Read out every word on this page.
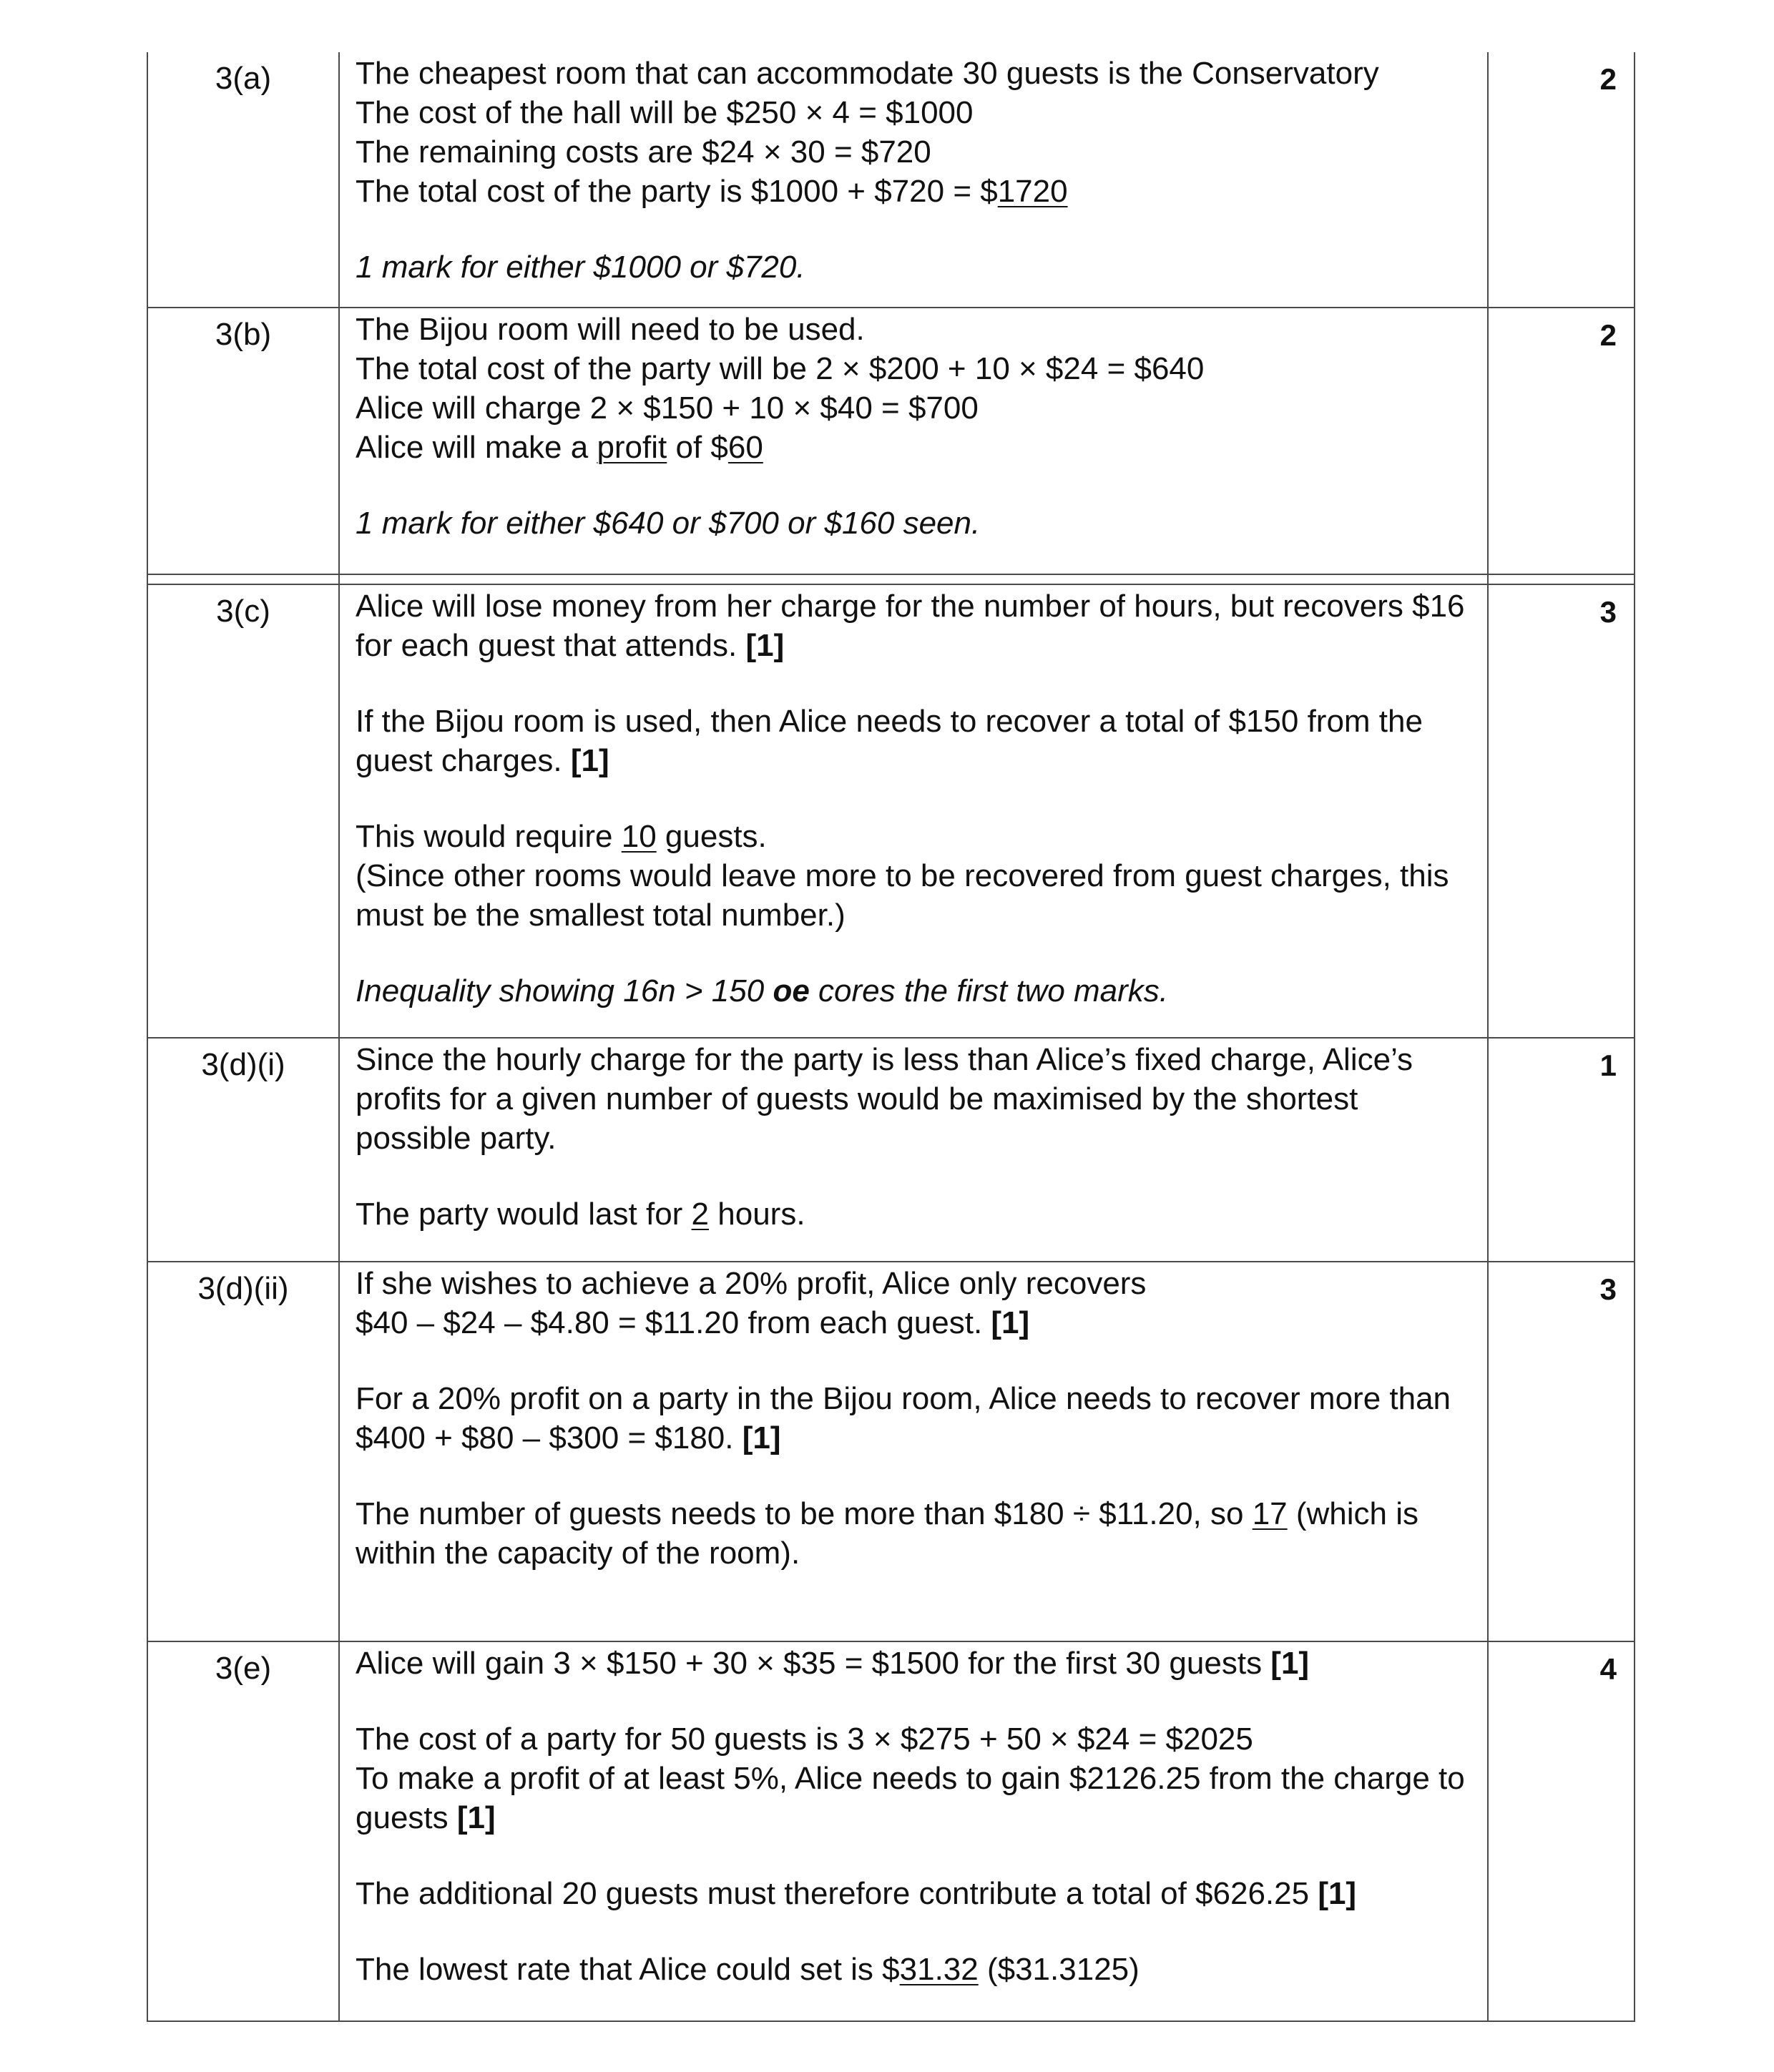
3(a)	The cheapest room that can accommodate 30 guests is the Conservatory
The cost of the hall will be $250 × 4 = $1000
The remaining costs are $24 × 30 = $720
The total cost of the party is $1000 + $720 = $1720

1 mark for either $1000 or $720.	2
3(b)	The Bijou room will need to be used.
The total cost of the party will be 2 × $200 + 10 × $24 = $640
Alice will charge 2 × $150 + 10 × $40 = $700
Alice will make a profit of $60

1 mark for either $640 or $700 or $160 seen.	2

3(c)	Alice will lose money from her charge for the number of hours, but recovers $16 for each guest that attends. [1]

If the Bijou room is used, then Alice needs to recover a total of $150 from the guest charges. [1]

This would require 10 guests.
(Since other rooms would leave more to be recovered from guest charges, this must be the smallest total number.)

Inequality showing 16n > 150 oe cores the first two marks.	3
3(d)(i)	Since the hourly charge for the party is less than Alice’s fixed charge, Alice’s profits for a given number of guests would be maximised by the shortest possible party.

The party would last for 2 hours.	1
3(d)(ii)	If she wishes to achieve a 20% profit, Alice only recovers
$40 – $24 – $4.80 = $11.20 from each guest. [1]

For a 20% profit on a party in the Bijou room, Alice needs to recover more than
$400 + $80 – $300 = $180. [1]

The number of guests needs to be more than $180 ÷ $11.20, so 17 (which is within the capacity of the room).	3
3(e)	Alice will gain 3 × $150 + 30 × $35 = $1500 for the first 30 guests [1]

The cost of a party for 50 guests is 3 × $275 + 50 × $24 = $2025
To make a profit of at least 5%, Alice needs to gain $2126.25 from the charge to guests [1]

The additional 20 guests must therefore contribute a total of $626.25 [1]

The lowest rate that Alice could set is $31.32 ($31.3125)	4
